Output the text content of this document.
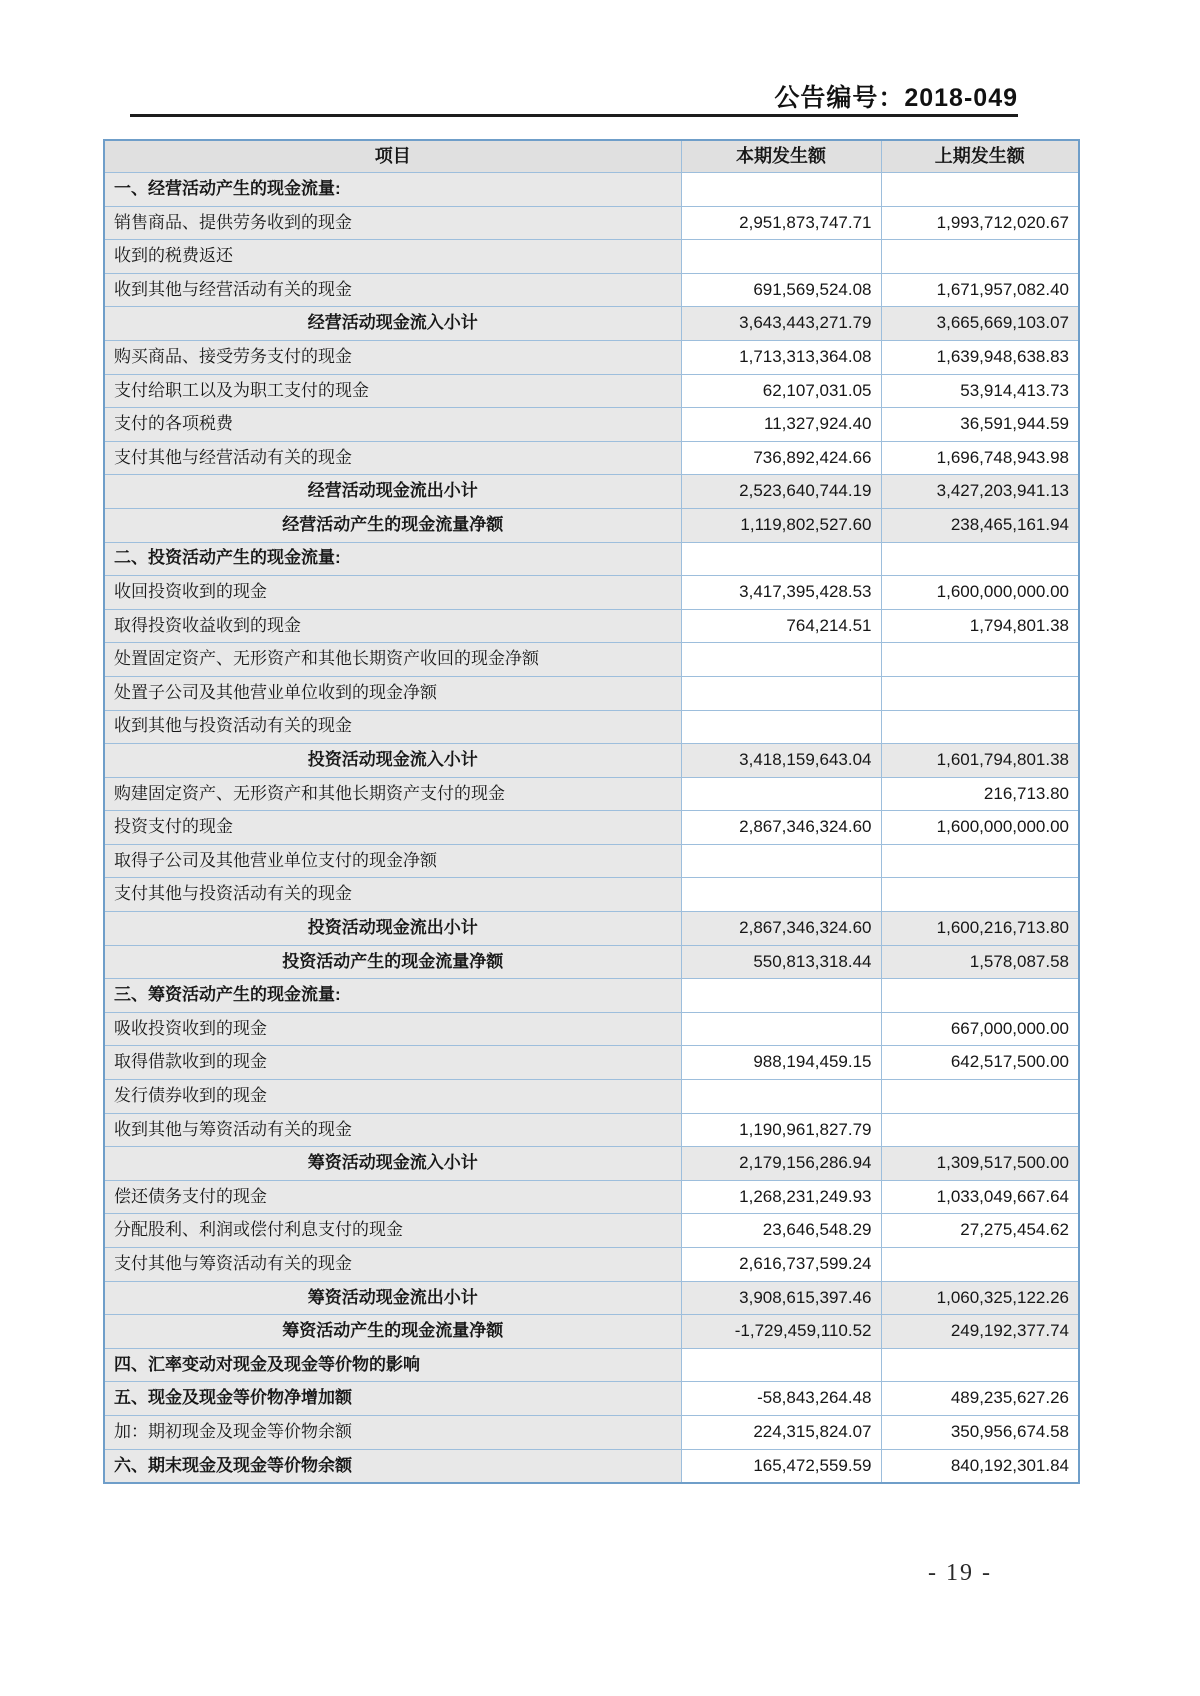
公告编号：2018-049
项目	本期发生额	上期发生额
一、经营活动产生的现金流量:		
销售商品、提供劳务收到的现金	2,951,873,747.71	1,993,712,020.67
收到的税费返还		
收到其他与经营活动有关的现金	691,569,524.08	1,671,957,082.40
经营活动现金流入小计	3,643,443,271.79	3,665,669,103.07
购买商品、接受劳务支付的现金	1,713,313,364.08	1,639,948,638.83
支付给职工以及为职工支付的现金	62,107,031.05	53,914,413.73
支付的各项税费	11,327,924.40	36,591,944.59
支付其他与经营活动有关的现金	736,892,424.66	1,696,748,943.98
经营活动现金流出小计	2,523,640,744.19	3,427,203,941.13
经营活动产生的现金流量净额	1,119,802,527.60	238,465,161.94
二、投资活动产生的现金流量:		
收回投资收到的现金	3,417,395,428.53	1,600,000,000.00
取得投资收益收到的现金	764,214.51	1,794,801.38
处置固定资产、无形资产和其他长期资产收回的现金净额		
处置子公司及其他营业单位收到的现金净额		
收到其他与投资活动有关的现金		
投资活动现金流入小计	3,418,159,643.04	1,601,794,801.38
购建固定资产、无形资产和其他长期资产支付的现金		216,713.80
投资支付的现金	2,867,346,324.60	1,600,000,000.00
取得子公司及其他营业单位支付的现金净额		
支付其他与投资活动有关的现金		
投资活动现金流出小计	2,867,346,324.60	1,600,216,713.80
投资活动产生的现金流量净额	550,813,318.44	1,578,087.58
三、筹资活动产生的现金流量:		
吸收投资收到的现金		667,000,000.00
取得借款收到的现金	988,194,459.15	642,517,500.00
发行债券收到的现金		
收到其他与筹资活动有关的现金	1,190,961,827.79	
筹资活动现金流入小计	2,179,156,286.94	1,309,517,500.00
偿还债务支付的现金	1,268,231,249.93	1,033,049,667.64
分配股利、利润或偿付利息支付的现金	23,646,548.29	27,275,454.62
支付其他与筹资活动有关的现金	2,616,737,599.24	
筹资活动现金流出小计	3,908,615,397.46	1,060,325,122.26
筹资活动产生的现金流量净额	-1,729,459,110.52	249,192,377.74
四、汇率变动对现金及现金等价物的影响		
五、现金及现金等价物净增加额	-58,843,264.48	489,235,627.26
加：期初现金及现金等价物余额	224,315,824.07	350,956,674.58
六、期末现金及现金等价物余额	165,472,559.59	840,192,301.84
- 19 -
